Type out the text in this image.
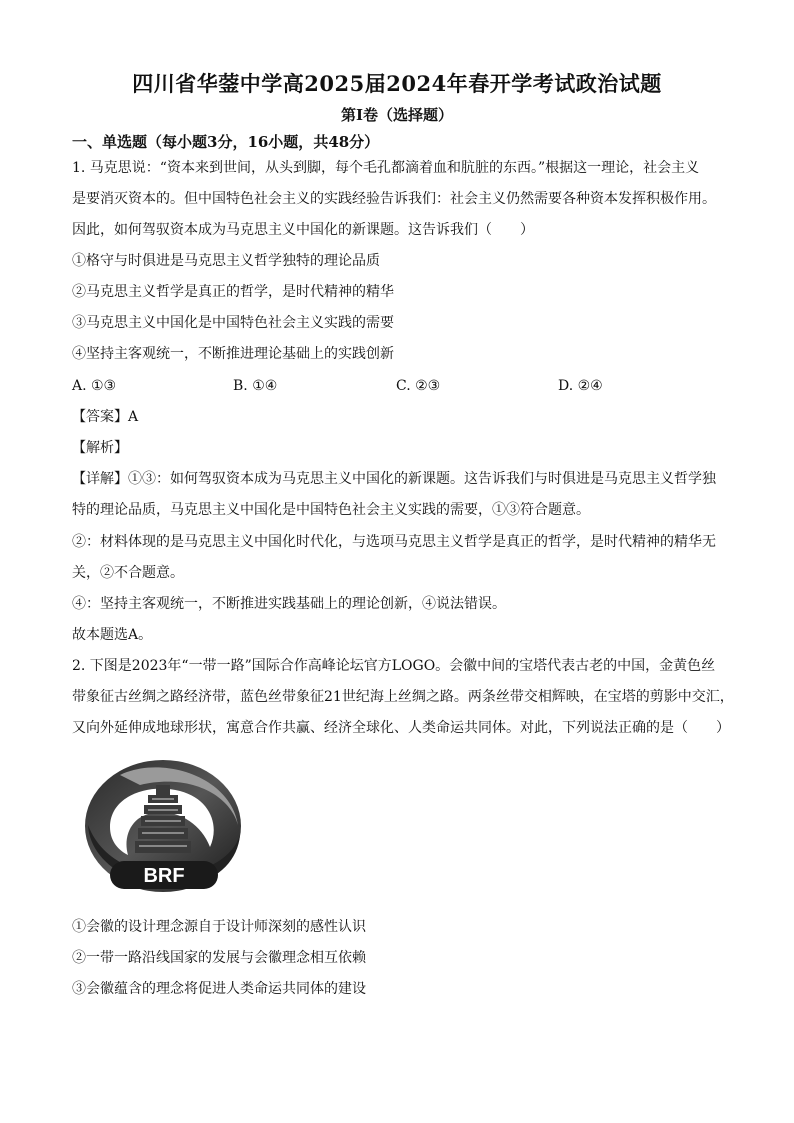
四川省华蓥中学高2025届2024年春开学考试政治试题
第Ⅰ卷（选择题）
一、单选题（每小题3分，16小题，共48分）
1. 马克思说：“资本来到世间，从头到脚，每个毛孔都滴着血和肮脏的东西。”根据这一理论，社会主义
是要消灭资本的。但中国特色社会主义的实践经验告诉我们：社会主义仍然需要各种资本发挥积极作用。
因此，如何驾驭资本成为马克思主义中国化的新课题。这告诉我们（　　）
①格守与时俱进是马克思主义哲学独特的理论品质
②马克思主义哲学是真正的哲学，是时代精神的精华
③马克思主义中国化是中国特色社会主义实践的需要
④坚持主客观统一，不断推进理论基础上的实践创新
A. ①③	B. ①④	C. ②③	D. ②④
【答案】A
【解析】
【详解】①③：如何驾驭资本成为马克思主义中国化的新课题。这告诉我们与时俱进是马克思主义哲学独
特的理论品质，马克思主义中国化是中国特色社会主义实践的需要，①③符合题意。
②：材料体现的是马克思主义中国化时代化，与选项马克思主义哲学是真正的哲学，是时代精神的精华无
关，②不合题意。
④：坚持主客观统一，不断推进实践基础上的理论创新，④说法错误。
故本题选A。
2. 下图是2023年“一带一路”国际合作高峰论坛官方LOGO。会徽中间的宝塔代表古老的中国，金黄色丝
带象征古丝绸之路经济带，蓝色丝带象征21世纪海上丝绸之路。两条丝带交相辉映，在宝塔的剪影中交汇，
又向外延伸成地球形状，寓意合作共赢、经济全球化、人类命运共同体。对此，下列说法正确的是（　　）
BRF
①会徽的设计理念源自于设计师深刻的感性认识
②一带一路沿线国家的发展与会徽理念相互依赖
③会徽蕴含的理念将促进人类命运共同体的建设
